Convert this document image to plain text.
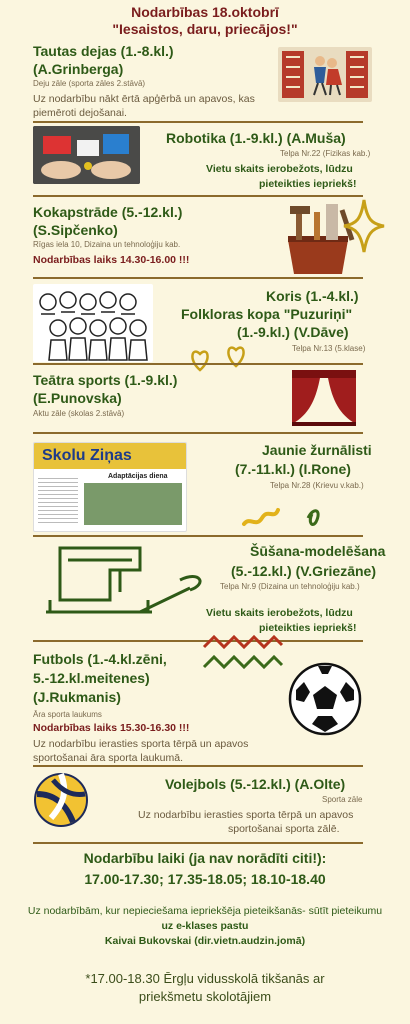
Nodarbības 18.oktobrī
"Iesaistos, daru, priecājos!"
Tautas dejas (1.-8.kl.)
(A.Grinberga)
Deju zāle (sporta zāles 2.stāvā)
Uz nodarbību nākt ērtā apģērbā un apavos, kas
piemēroti dejošanai.
Robotika (1.-9.kl.) (A.Muša)
Telpa Nr.22 (Fizikas kab.)
Vietu skaits ierobežots, lūdzu
pieteikties iepriekš!
Kokapstrāde (5.-12.kl.)
(S.Sipčenko)
Rīgas iela 10, Dizaina un tehnoloģiju kab.
Nodarbības laiks 14.30-16.00 !!!
Koris (1.-4.kl.)
Folkloras kopa "Puzuriņi"
(1.-9.kl.) (V.Dāve)
Telpa Nr.13 (5.klase)
Teātra sports (1.-9.kl.)
(E.Punovska)
Aktu zāle (skolas 2.stāvā)
Skolu Ziņas
Adaptācijas diena
Jaunie žurnālisti
(7.-11.kl.) (I.Rone)
Telpa Nr.28 (Krievu v.kab.)
Šūšana-modelēšana
(5.-12.kl.) (V.Griezāne)
Telpa Nr.9 (Dizaina un tehnoloģiju kab.)
Vietu skaits ierobežots, lūdzu
pieteikties iepriekš!
Futbols (1.-4.kl.zēni,
5.-12.kl.meitenes)
(J.Rukmanis)
Āra sporta laukums
Nodarbības laiks 15.30-16.30 !!!
Uz nodarbību ierasties sporta tērpā un apavos
sportošanai āra sporta laukumā.
Volejbols (5.-12.kl.) (A.Olte)
Sporta zāle
Uz nodarbību ierasties sporta tērpā un apavos
sportošanai sporta zālē.
Nodarbību laiki (ja nav norādīti citi!):
17.00-17.30; 17.35-18.05; 18.10-18.40
Uz nodarbībām, kur nepieciešama iepriekšēja pieteikšanās- sūtīt pieteikumu
uz e-klases pastu
Kaivai Bukovskai (dir.vietn.audzin.jomā)
*17.00-18.30 Ērgļu vidusskolā tikšanās ar
priekšmetu skolotājiem
